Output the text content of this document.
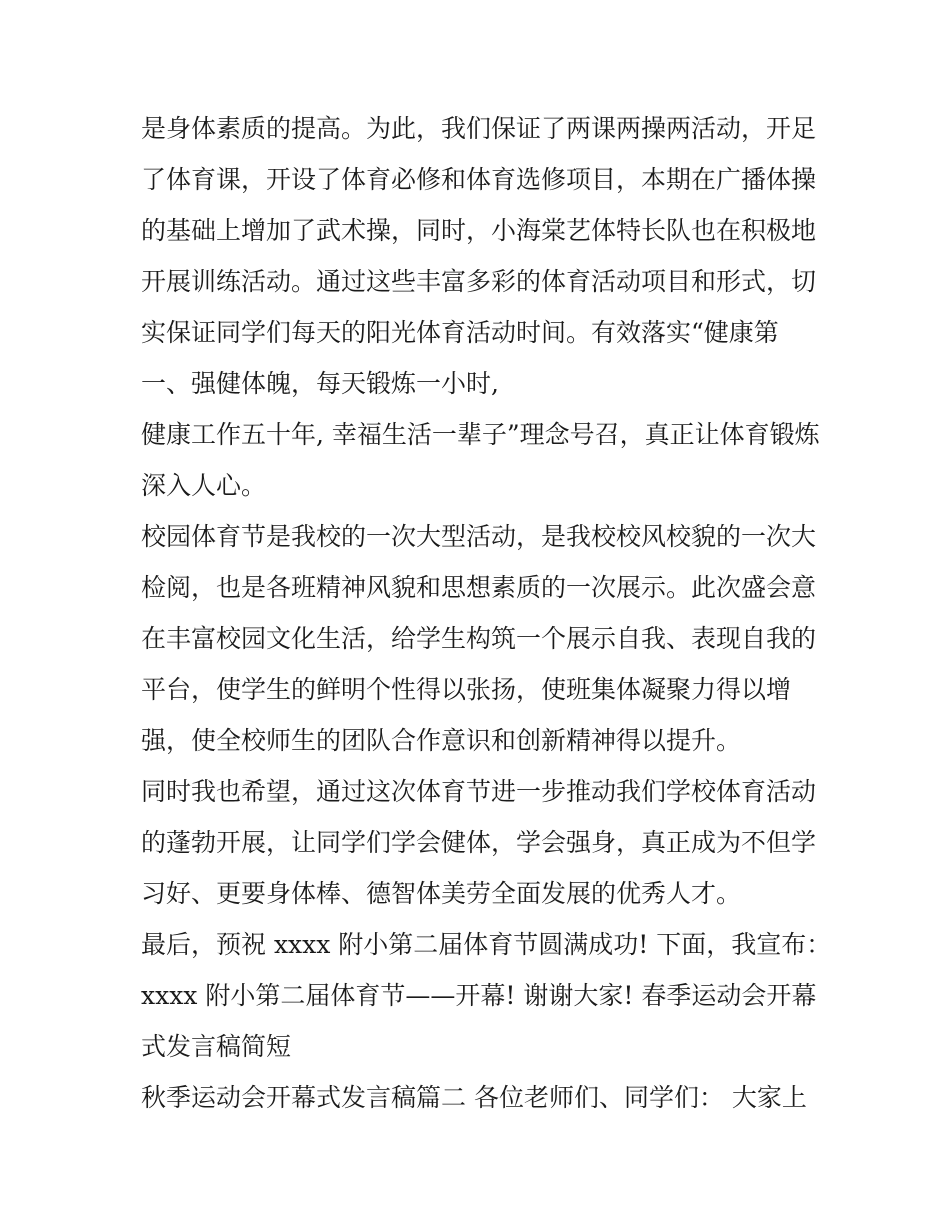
是身体素质的提高。为此，我们保证了两课两操两活动，开足
了体育课，开设了体育必修和体育选修项目，本期在广播体操
的基础上增加了武术操，同时，小海棠艺体特长队也在积极地
开展训练活动。通过这些丰富多彩的体育活动项目和形式，切
实保证同学们每天的阳光体育活动时间。有效落实“健康第
一、强健体魄，每天锻炼一小时,
健康工作五十年, 幸福生活一辈子”理念号召，真正让体育锻炼
深入人心。
校园体育节是我校的一次大型活动，是我校校风校貌的一次大
检阅，也是各班精神风貌和思想素质的一次展示。此次盛会意
在丰富校园文化生活，给学生构筑一个展示自我、表现自我的
平台，使学生的鲜明个性得以张扬，使班集体凝聚力得以增
强，使全校师生的团队合作意识和创新精神得以提升。
同时我也希望，通过这次体育节进一步推动我们学校体育活动
的蓬勃开展，让同学们学会健体，学会强身，真正成为不但学
习好、更要身体棒、德智体美劳全面发展的优秀人才。
最后，预祝 xxxx 附小第二届体育节圆满成功! 下面，我宣布：
xxxx 附小第二届体育节——开幕! 谢谢大家! 春季运动会开幕
式发言稿简短
秋季运动会开幕式发言稿篇二 各位老师们、同学们： 大家上
